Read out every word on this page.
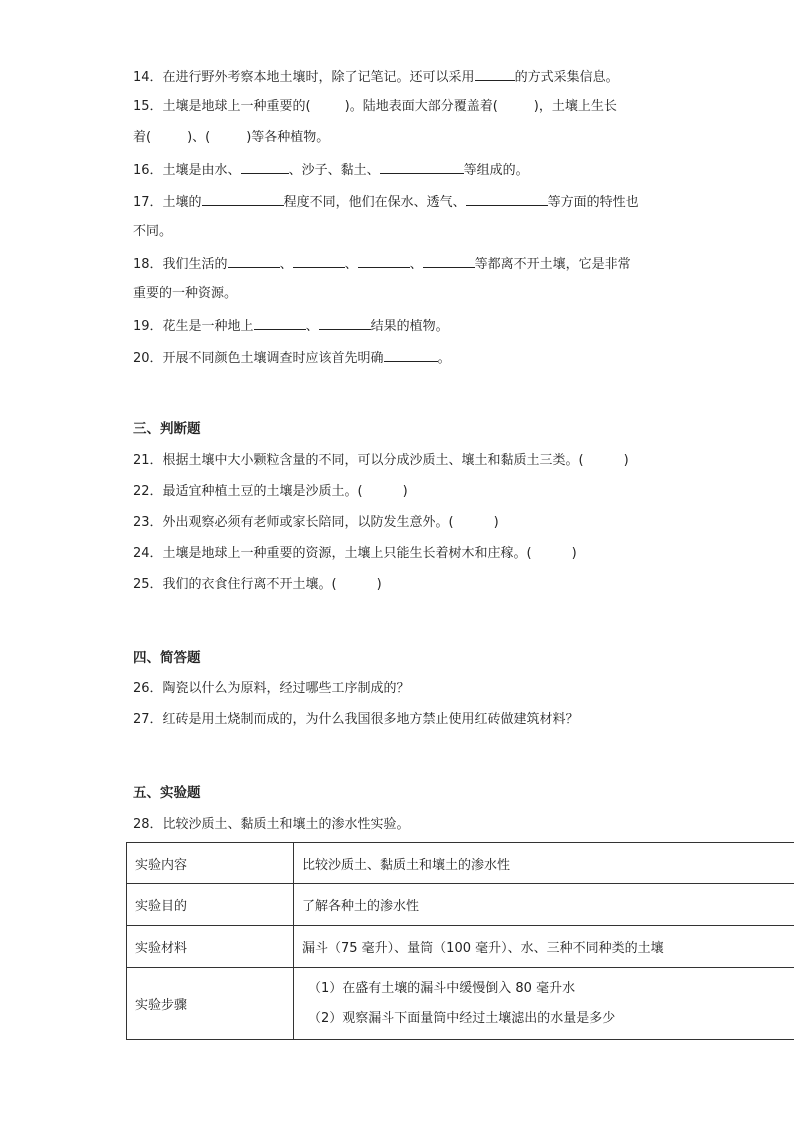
14．在进行野外考察本地土壤时，除了记笔记。还可以采用	的方式采集信息。
15．土壤是地球上一种重要的(	)。陆地表面大部分覆盖着(	)，土壤上生长
着(	)、(	)等各种植物。
16．土壤是由水、	、沙子、黏土、	等组成的。
17．土壤的	程度不同，他们在保水、透气、	等方面的特性也
不同。
18．我们生活的	、	、	、	等都离不开土壤，它是非常
重要的一种资源。
19．花生是一种地上	、	结果的植物。
20．开展不同颜色土壤调查时应该首先明确	。
三、判断题
21．根据土壤中大小颗粒含量的不同，可以分成沙质土、壤土和黏质土三类。(	)
22．最适宜种植土豆的土壤是沙质土。(	)
23．外出观察必须有老师或家长陪同，以防发生意外。(	)
24．土壤是地球上一种重要的资源，土壤上只能生长着树木和庄稼。(	)
25．我们的衣食住行离不开土壤。(	)
四、简答题
26．陶瓷以什么为原料，经过哪些工序制成的？
27．红砖是用土烧制而成的，为什么我国很多地方禁止使用红砖做建筑材料？
五、实验题
28．比较沙质土、黏质土和壤土的渗水性实验。
实验内容	比较沙质土、黏质土和壤土的渗水性
实验目的	了解各种土的渗水性
实验材料	漏斗（75 毫升）、量筒（100 毫升）、水、三种不同种类的土壤
实验步骤	（1）在盛有土壤的漏斗中缓慢倒入 80 毫升水
（2）观察漏斗下面量筒中经过土壤滤出的水量是多少
